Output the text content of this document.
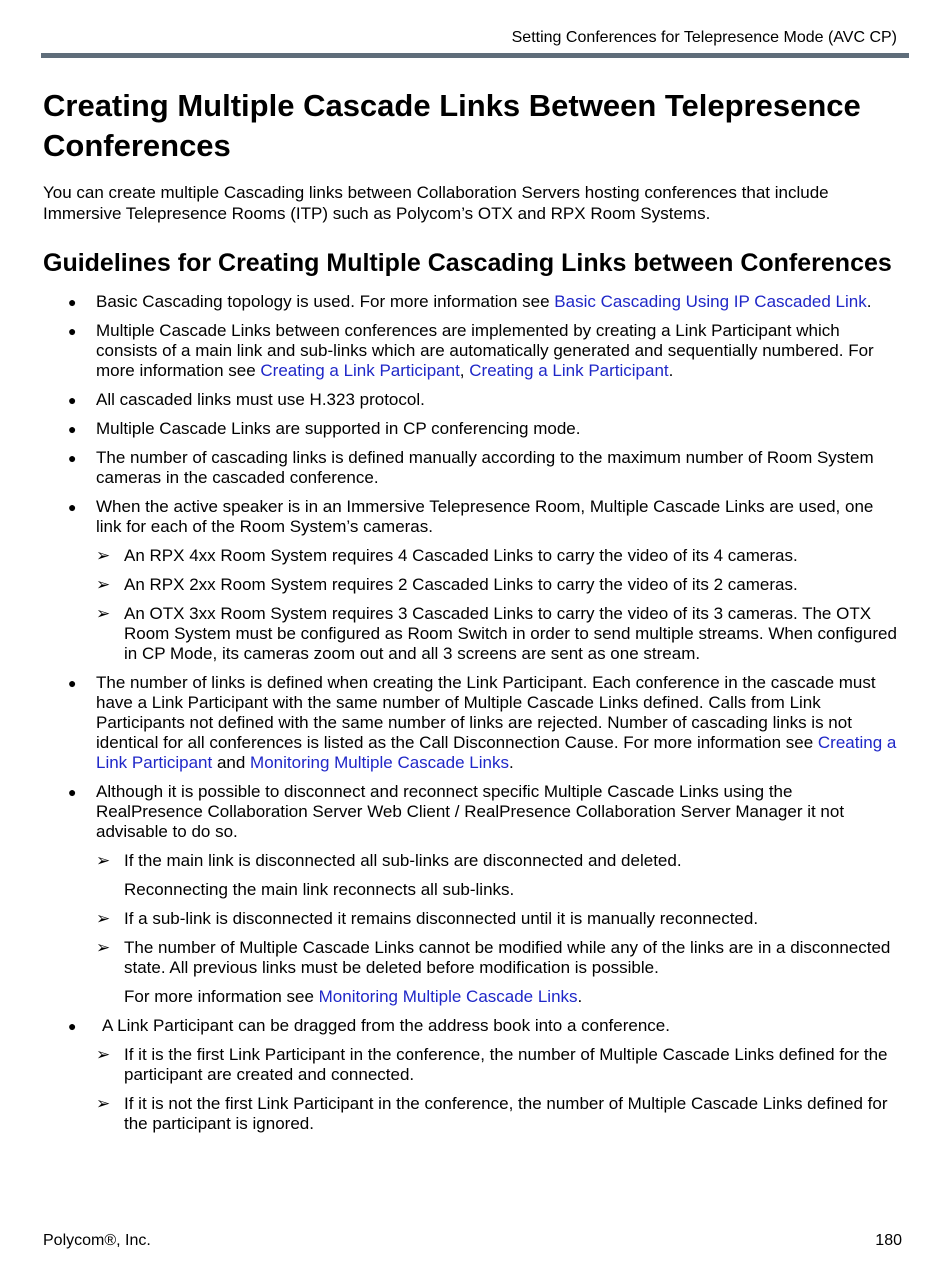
Setting Conferences for Telepresence Mode (AVC CP)
Creating Multiple Cascade Links Between Telepresence Conferences

You can create multiple Cascading links between Collaboration Servers hosting conferences that include Immersive Telepresence Rooms (ITP) such as Polycom’s OTX and RPX Room Systems.

Guidelines for Creating Multiple Cascading Links between Conferences
● Basic Cascading topology is used. For more information see Basic Cascading Using IP Cascaded Link.
● Multiple Cascade Links between conferences are implemented by creating a Link Participant which consists of a main link and sub-links which are automatically generated and sequentially numbered. For more information see Creating a Link Participant, Creating a Link Participant.
● All cascaded links must use H.323 protocol.
● Multiple Cascade Links are supported in CP conferencing mode.
● The number of cascading links is defined manually according to the maximum number of Room System cameras in the cascaded conference.
● When the active speaker is in an Immersive Telepresence Room, Multiple Cascade Links are used, one link for each of the Room System’s cameras.
➢ An RPX 4xx Room System requires 4 Cascaded Links to carry the video of its 4 cameras.
➢ An RPX 2xx Room System requires 2 Cascaded Links to carry the video of its 2 cameras.
➢ An OTX 3xx Room System requires 3 Cascaded Links to carry the video of its 3 cameras. The OTX Room System must be configured as Room Switch in order to send multiple streams. When configured in CP Mode, its cameras zoom out and all 3 screens are sent as one stream.
● The number of links is defined when creating the Link Participant. Each conference in the cascade must have a Link Participant with the same number of Multiple Cascade Links defined. Calls from Link Participants not defined with the same number of links are rejected. Number of cascading links is not identical for all conferences is listed as the Call Disconnection Cause. For more information see Creating a Link Participant and Monitoring Multiple Cascade Links.
● Although it is possible to disconnect and reconnect specific Multiple Cascade Links using the RealPresence Collaboration Server Web Client / RealPresence Collaboration Server Manager it not advisable to do so.
➢ If the main link is disconnected all sub-links are disconnected and deleted.
Reconnecting the main link reconnects all sub-links.
➢ If a sub-link is disconnected it remains disconnected until it is manually reconnected.
➢ The number of Multiple Cascade Links cannot be modified while any of the links are in a disconnected state. All previous links must be deleted before modification is possible.
For more information see Monitoring Multiple Cascade Links.
● A Link Participant can be dragged from the address book into a conference.
➢ If it is the first Link Participant in the conference, the number of Multiple Cascade Links defined for the participant are created and connected.
➢ If it is not the first Link Participant in the conference, the number of Multiple Cascade Links defined for the participant is ignored.
Polycom®, Inc.	180
